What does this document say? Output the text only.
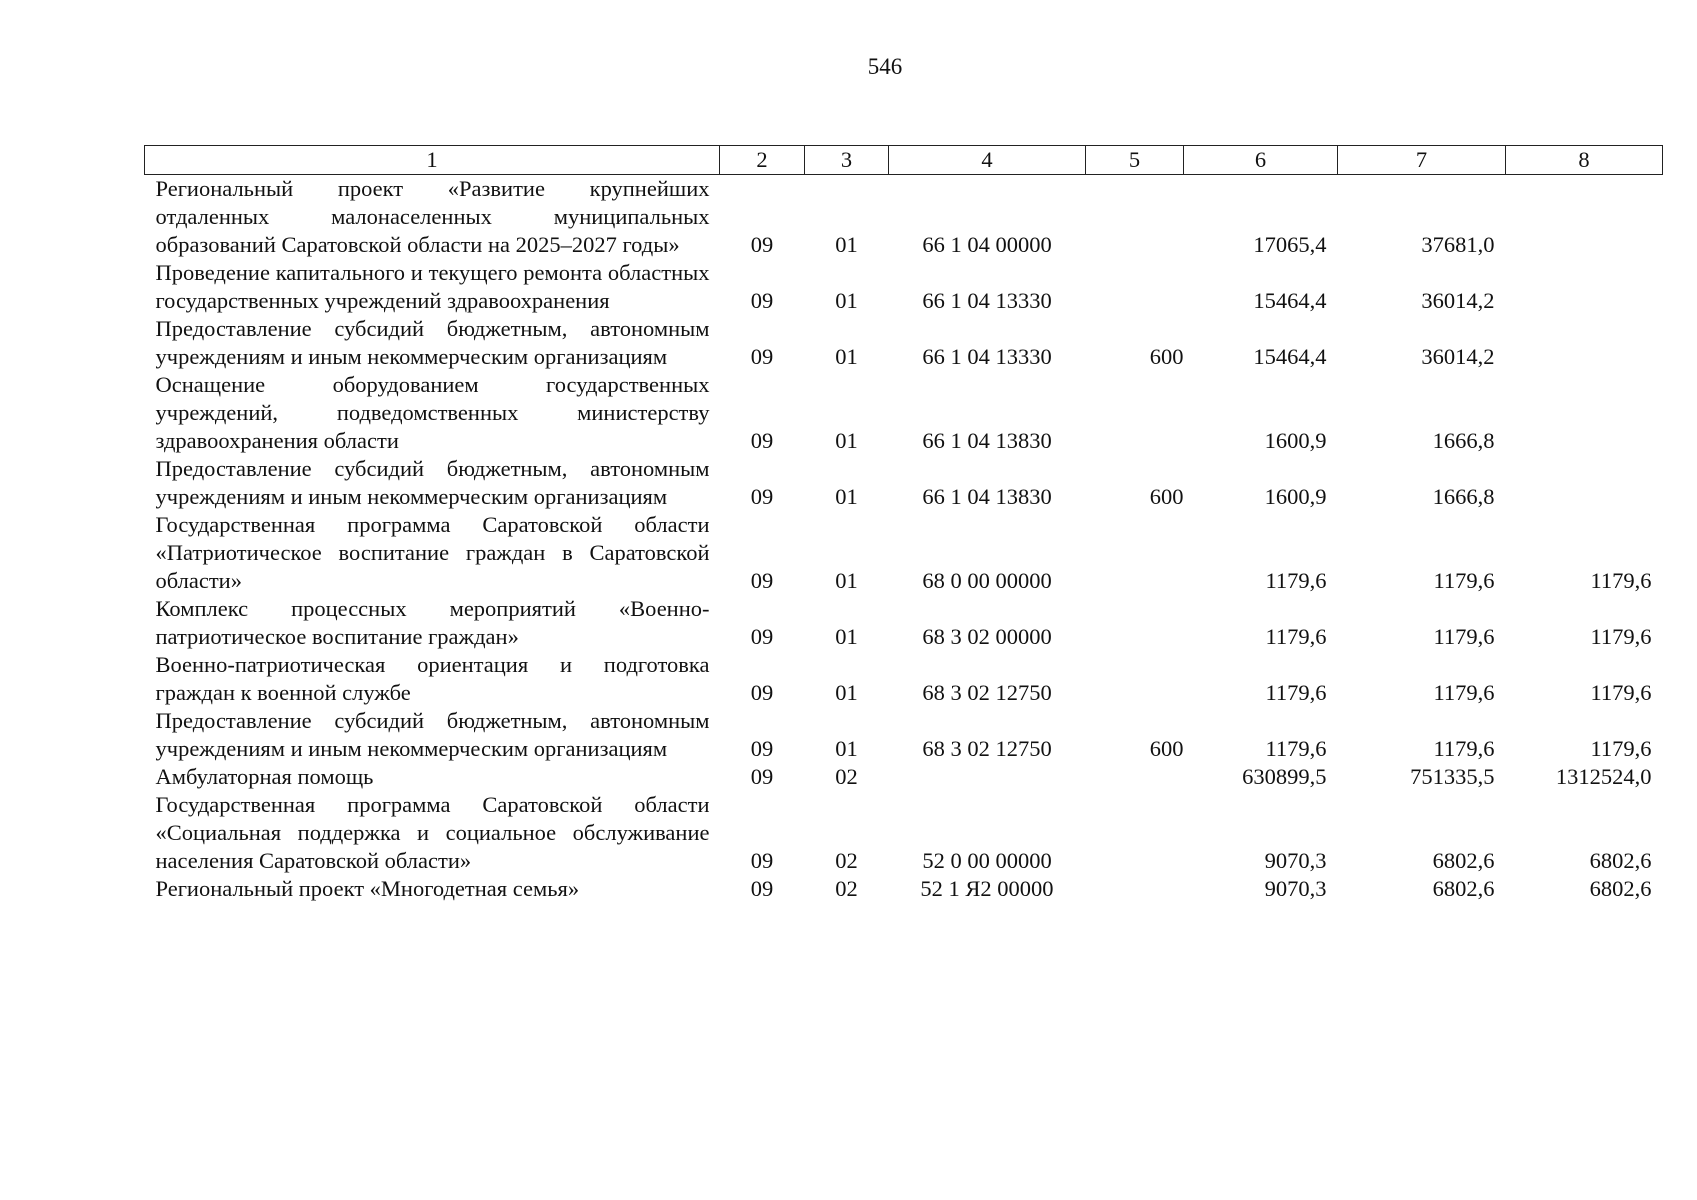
546
1	2	3	4	5	6	7	8
Региональный проект «Развитие крупнейших отдаленных малонаселенных муниципальных образований Саратовской области на 2025–2027 годы»	09	01	66 1 04 00000		17065,4	37681,0	
Проведение капитального и текущего ремонта областных государственных учреждений здравоохранения	09	01	66 1 04 13330		15464,4	36014,2	
Предоставление субсидий бюджетным, автономным учреждениям и иным некоммерческим организациям	09	01	66 1 04 13330	600	15464,4	36014,2	
Оснащение оборудованием государственных учреждений, подведомственных министерству здравоохранения области	09	01	66 1 04 13830		1600,9	1666,8	
Предоставление субсидий бюджетным, автономным учреждениям и иным некоммерческим организациям	09	01	66 1 04 13830	600	1600,9	1666,8	
Государственная программа Саратовской области «Патриотическое воспитание граждан в Саратовской области»	09	01	68 0 00 00000		1179,6	1179,6	1179,6
Комплекс процессных мероприятий «Военно-патриотическое воспитание граждан»	09	01	68 3 02 00000		1179,6	1179,6	1179,6
Военно-патриотическая ориентация и подготовка граждан к военной службе	09	01	68 3 02 12750		1179,6	1179,6	1179,6
Предоставление субсидий бюджетным, автономным учреждениям и иным некоммерческим организациям	09	01	68 3 02 12750	600	1179,6	1179,6	1179,6
Амбулаторная помощь	09	02			630899,5	751335,5	1312524,0
Государственная программа Саратовской области «Социальная поддержка и социальное обслуживание населения Саратовской области»	09	02	52 0 00 00000		9070,3	6802,6	6802,6
Региональный проект «Многодетная семья»	09	02	52 1 Я2 00000		9070,3	6802,6	6802,6
